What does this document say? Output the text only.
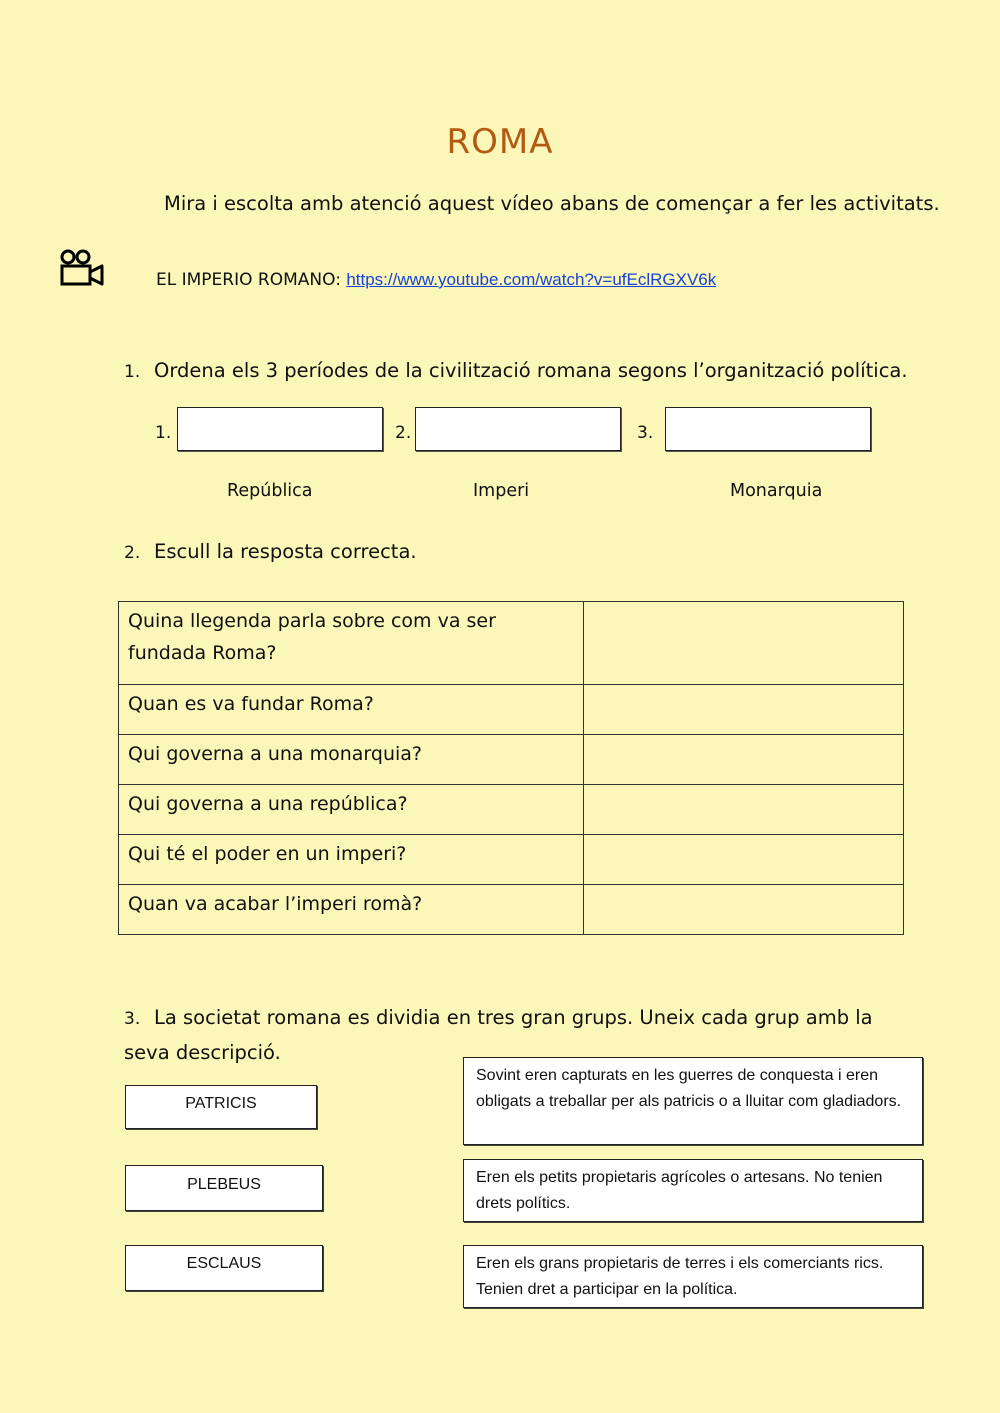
ROMA
Mira i escolta amb atenció aquest vídeo abans de començar a fer les activitats.
EL IMPERIO ROMANO: https://www.youtube.com/watch?v=ufEclRGXV6k
1. Ordena els 3 períodes de la civilització romana segons l’organització política.
1.	2.	3.
República	Imperi	Monarquia
2. Escull la resposta correcta.
Quina llegenda parla sobre com va ser fundada Roma?	
Quan es va fundar Roma?	
Qui governa a una monarquia?	
Qui governa a una república?	
Qui té el poder en un imperi?	
Quan va acabar l’imperi romà?	
3. La societat romana es dividia en tres gran grups. Uneix cada grup amb la seva descripció.
PATRICIS
PLEBEUS
ESCLAUS
Sovint eren capturats en les guerres de conquesta i eren obligats a treballar per als patricis o a lluitar com gladiadors.
Eren els petits propietaris agrícoles o artesans. No tenien drets polítics.
Eren els grans propietaris de terres i els comerciants rics. Tenien dret a participar en la política.
